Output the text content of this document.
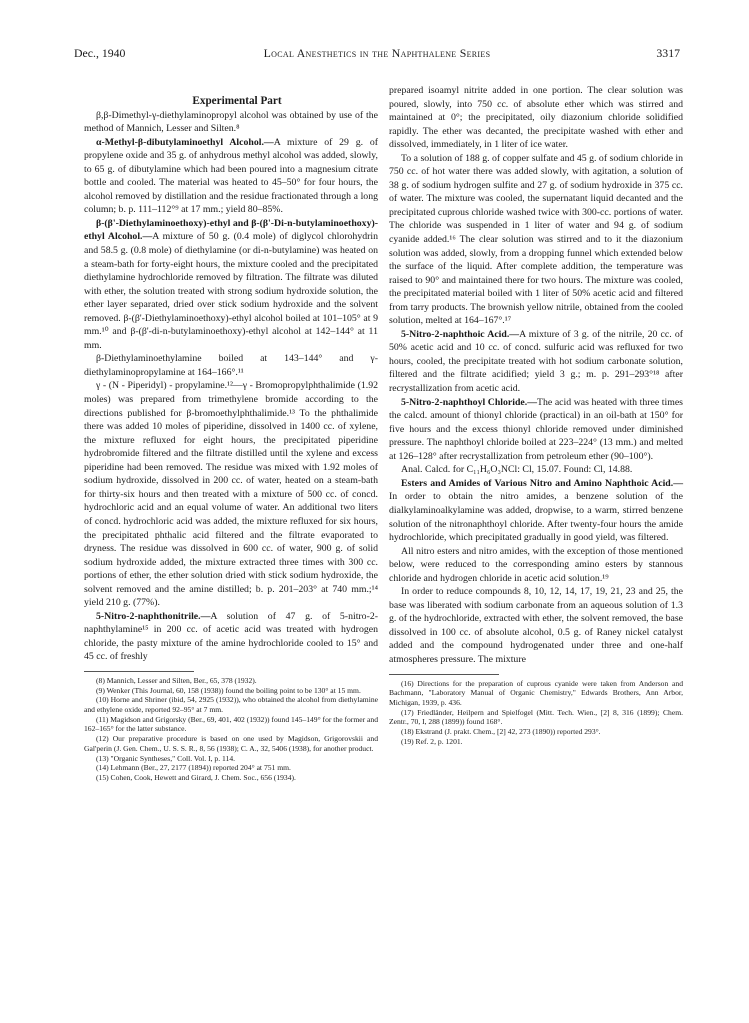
Dec., 1940	Local Anesthetics in the Naphthalene Series	3317

Experimental Part

β,β-Dimethyl-γ-diethylaminopropyl alcohol was obtained by use of the method of Mannich, Lesser and Silten.⁸

α-Methyl-β-dibutylaminoethyl Alcohol.—A mixture of 29 g. of propylene oxide and 35 g. of anhydrous methyl alcohol was added, slowly, to 65 g. of dibutylamine which had been poured into a magnesium citrate bottle and cooled. The material was heated to 45–50° for four hours, the alcohol removed by distillation and the residue fractionated through a long column; b. p. 111–112°⁹ at 17 mm.; yield 80–85%.

β-(β'-Diethylaminoethoxy)-ethyl and β-(β'-Di-n-butylaminoethoxy)-ethyl Alcohol.—A mixture of 50 g. (0.4 mole) of diglycol chlorohydrin and 58.5 g. (0.8 mole) of diethylamine (or di-n-butylamine) was heated on a steam-bath for forty-eight hours, the mixture cooled and the precipitated diethylamine hydrochloride removed by filtration. The filtrate was diluted with ether, the solution treated with strong sodium hydroxide solution, the ether layer separated, dried over stick sodium hydroxide and the solvent removed. β-(β'-Diethylaminoethoxy)-ethyl alcohol boiled at 101–105° at 9 mm.¹⁰ and β-(β'-di-n-butylaminoethoxy)-ethyl alcohol at 142–144° at 11 mm.

β-Diethylaminoethylamine boiled at 143–144° and γ-diethylaminopropylamine at 164–166°.¹¹

γ - (N - Piperidyl) - propylamine.¹²—γ - Bromopropylphthalimide (1.92 moles) was prepared from trimethylene bromide according to the directions published for β-bromoethylphthalimide.¹³ To the phthalimide there was added 10 moles of piperidine, dissolved in 1400 cc. of xylene, the mixture refluxed for eight hours, the precipitated piperidine hydrobromide filtered and the filtrate distilled until the xylene and excess piperidine had been removed. The residue was mixed with 1.92 moles of sodium hydroxide, dissolved in 200 cc. of water, heated on a steam-bath for thirty-six hours and then treated with a mixture of 500 cc. of concd. hydrochloric acid and an equal volume of water. An additional two liters of concd. hydrochloric acid was added, the mixture refluxed for six hours, the precipitated phthalic acid filtered and the filtrate evaporated to dryness. The residue was dissolved in 600 cc. of water, 900 g. of solid sodium hydroxide added, the mixture extracted three times with 300 cc. portions of ether, the ether solution dried with stick sodium hydroxide, the solvent removed and the amine distilled; b. p. 201–203° at 740 mm.;¹⁴ yield 210 g. (77%).

5-Nitro-2-naphthonitrile.—A solution of 47 g. of 5-nitro-2-naphthylamine¹⁵ in 200 cc. of acetic acid was treated with hydrogen chloride, the pasty mixture of the amine hydrochloride cooled to 15° and 45 cc. of freshly

(8) Mannich, Lesser and Silten, Ber., 65, 378 (1932).

(9) Wenker (This Journal, 60, 158 (1938)) found the boiling point to be 130° at 15 mm.

(10) Horne and Shriner (ibid, 54, 2925 (1932)), who obtained the alcohol from diethylamine and ethylene oxide, reported 92–95° at 7 mm.

(11) Magidson and Grigorsky (Ber., 69, 401, 402 (1932)) found 145–149° for the former and 162–165° for the latter substance.

(12) Our preparative procedure is based on one used by Magidson, Grigorovskii and Gal'perin (J. Gen. Chem., U. S. S. R., 8, 56 (1938); C. A., 32, 5406 (1938), for another product.

(13) "Organic Syntheses," Coll. Vol. I, p. 114.

(14) Lehmann (Ber., 27, 2177 (1894)) reported 204° at 751 mm.

(15) Cohen, Cook, Hewett and Girard, J. Chem. Soc., 656 (1934).

prepared isoamyl nitrite added in one portion. The clear solution was poured, slowly, into 750 cc. of absolute ether which was stirred and maintained at 0°; the precipitated, oily diazonium chloride solidified rapidly. The ether was decanted, the precipitate washed with ether and dissolved, immediately, in 1 liter of ice water.

To a solution of 188 g. of copper sulfate and 45 g. of sodium chloride in 750 cc. of hot water there was added slowly, with agitation, a solution of 38 g. of sodium hydrogen sulfite and 27 g. of sodium hydroxide in 375 cc. of water. The mixture was cooled, the supernatant liquid decanted and the precipitated cuprous chloride washed twice with 300-cc. portions of water. The chloride was suspended in 1 liter of water and 94 g. of sodium cyanide added.¹⁶ The clear solution was stirred and to it the diazonium solution was added, slowly, from a dropping funnel which extended below the surface of the liquid. After complete addition, the temperature was raised to 90° and maintained there for two hours. The mixture was cooled, the precipitated material boiled with 1 liter of 50% acetic acid and filtered from tarry products. The brownish yellow nitrile, obtained from the cooled solution, melted at 164–167°.¹⁷

5-Nitro-2-naphthoic Acid.—A mixture of 3 g. of the nitrile, 20 cc. of 50% acetic acid and 10 cc. of concd. sulfuric acid was refluxed for two hours, cooled, the precipitate treated with hot sodium carbonate solution, filtered and the filtrate acidified; yield 3 g.; m. p. 291–293°¹⁸ after recrystallization from acetic acid.

5-Nitro-2-naphthoyl Chloride.—The acid was heated with three times the calcd. amount of thionyl chloride (practical) in an oil-bath at 150° for five hours and the excess thionyl chloride removed under diminished pressure. The naphthoyl chloride boiled at 223–224° (13 mm.) and melted at 126–128° after recrystallization from petroleum ether (90–100°).

Anal. Calcd. for C₁₁H₆O₃NCl: Cl, 15.07. Found: Cl, 14.88.

Esters and Amides of Various Nitro and Amino Naphthoic Acid.—In order to obtain the nitro amides, a benzene solution of the dialkylaminoalkylamine was added, dropwise, to a warm, stirred benzene solution of the nitronaphthoyl chloride. After twenty-four hours the amide hydrochloride, which precipitated gradually in good yield, was filtered.

All nitro esters and nitro amides, with the exception of those mentioned below, were reduced to the corresponding amino esters by stannous chloride and hydrogen chloride in acetic acid solution.¹⁹

In order to reduce compounds 8, 10, 12, 14, 17, 19, 21, 23 and 25, the base was liberated with sodium carbonate from an aqueous solution of 1.3 g. of the hydrochloride, extracted with ether, the solvent removed, the base dissolved in 100 cc. of absolute alcohol, 0.5 g. of Raney nickel catalyst added and the compound hydrogenated under three and one-half atmospheres pressure. The mixture

(16) Directions for the preparation of cuprous cyanide were taken from Anderson and Bachmann, "Laboratory Manual of Organic Chemistry," Edwards Brothers, Ann Arbor, Michigan, 1939, p. 436.

(17) Friedländer, Heilpern and Spielfogel (Mitt. Tech. Wien., [2] 8, 316 (1899); Chem. Zentr., 70, I, 288 (1899)) found 168°.

(18) Ekstrand (J. prakt. Chem., [2] 42, 273 (1890)) reported 293°.

(19) Ref. 2, p. 1201.
